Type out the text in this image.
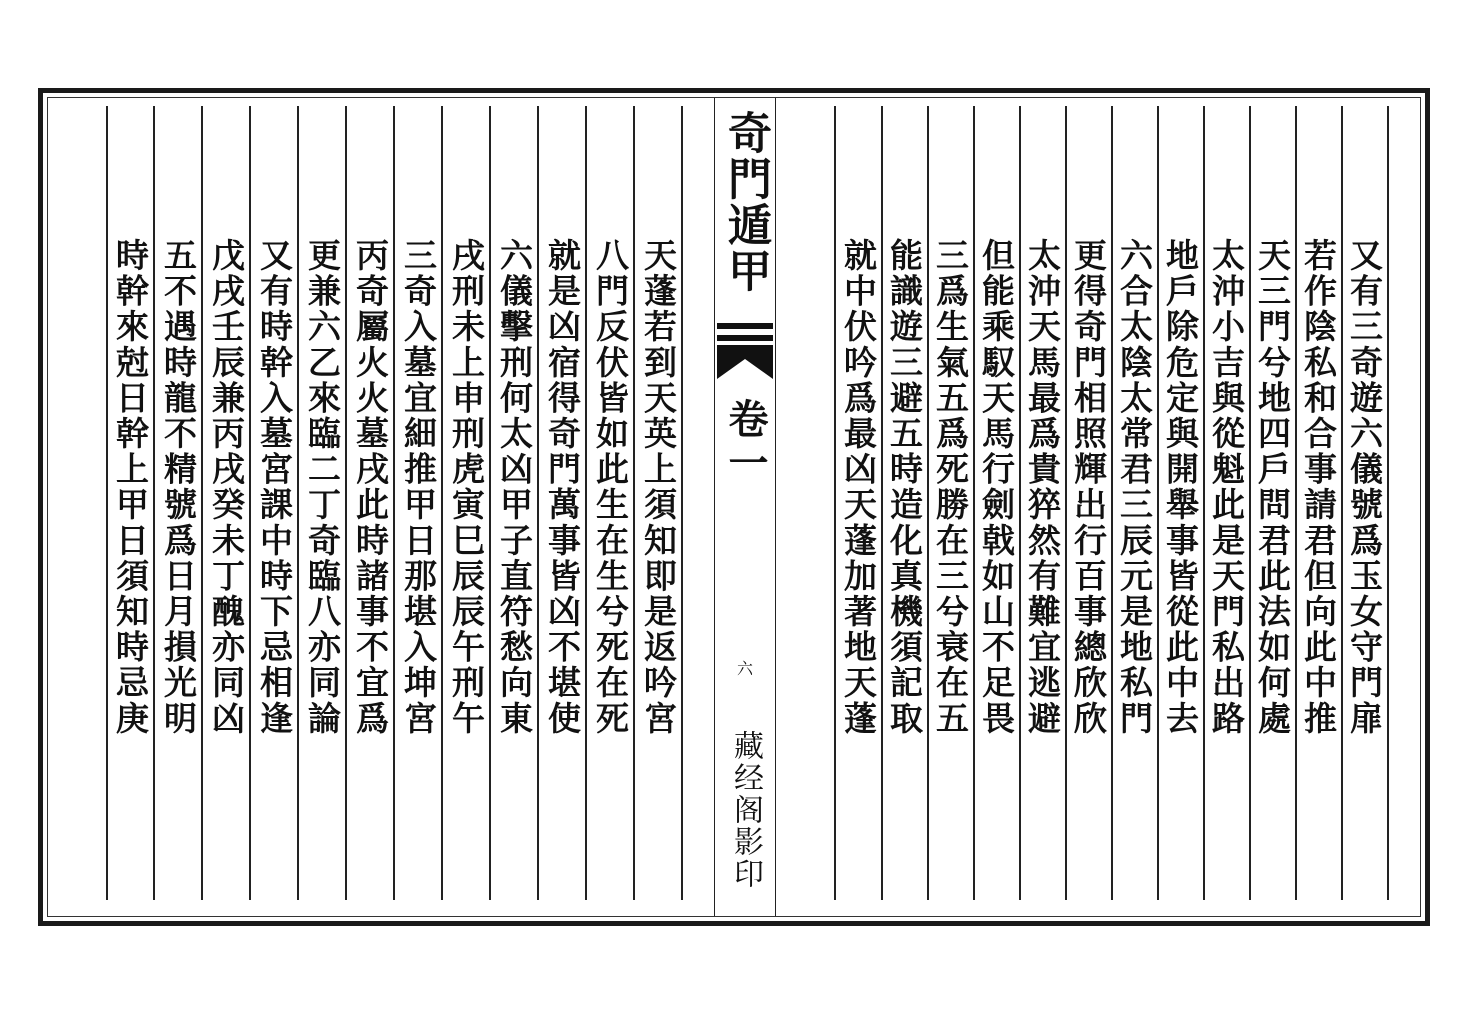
時幹來尅日幹上甲日須知時忌庚 五不遇時龍不精號爲日月損光明 戊戌壬辰兼丙戌癸未丁醜亦同凶 又有時幹入墓宮課中時下忌相逢 更兼六乙來臨二丁奇臨八亦同論 丙奇屬火火墓戌此時諸事不宜爲 三奇入墓宜細推甲日那堪入坤宮 戌刑未上申刑虎寅巳辰辰午刑午 六儀擊刑何太凶甲子直符愁向東 就是凶宿得奇門萬事皆凶不堪使 八門反伏皆如此生在生兮死在死 天蓬若到天英上須知即是返吟宮
奇門遁甲
卷一
六
藏经阁影印
就中伏吟爲最凶天蓬加著地天蓬 能識遊三避五時造化真機須記取 三爲生氣五爲死勝在三兮衰在五 但能乘馭天馬行劍戟如山不足畏 太沖天馬最爲貴猝然有難宜逃避 更得奇門相照輝出行百事總欣欣 六合太陰太常君三辰元是地私門 地戶除危定與開舉事皆從此中去 太沖小吉與從魁此是天門私出路 天三門兮地四戶問君此法如何處 若作陰私和合事請君但向此中推 又有三奇遊六儀號爲玉女守門扉
